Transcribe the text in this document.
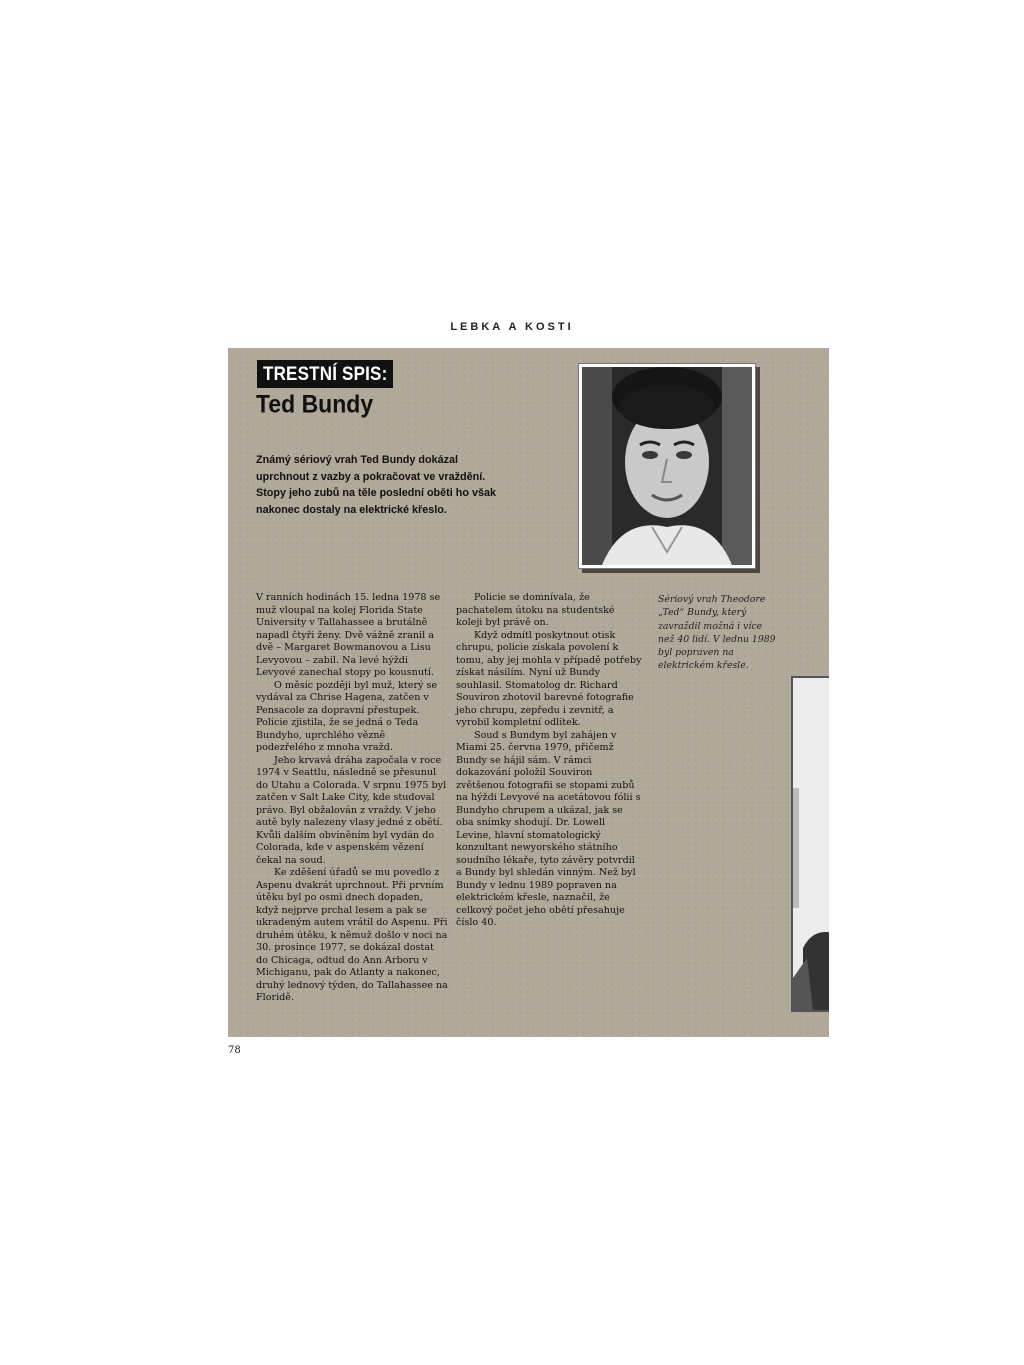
LEBKA A KOSTI
TRESTNÍ SPIS:
Ted Bundy
Známý sériový vrah Ted Bundy dokázal uprchnout z vazby a pokračovat ve vraždění. Stopy jeho zubů na těle poslední oběti ho však nakonec dostaly na elektrické křeslo.
Sériový vrah Theodore „Ted“ Bundy, který zavraždil možná i více než 40 lidí. V lednu 1989 byl popraven na elektrickém křesle.

V ranních hodinách 15. ledna 1978 se muž vloupal na kolej Florida State University v Tallahassee a brutálně napadl čtyři ženy. Dvě vážně zranil a dvě – Margaret Bowmanovou a Lisu Levyovou – zabil. Na levé hýždi Levyové zanechal stopy po kousnutí.

O měsíc později byl muž, který se vydával za Chrise Hagena, zatčen v Pensacole za dopravní přestupek. Policie zjistila, že se jedná o Teda Bundyho, uprchlého vězně podezřelého z mnoha vražd.

Jeho krvavá dráha započala v roce 1974 v Seattlu, následně se přesunul do Utahu a Colorada. V srpnu 1975 byl zatčen v Salt Lake City, kde studoval právo. Byl obžalován z vraždy. V jeho autě byly nalezeny vlasy jedné z obětí. Kvůli dalším obviněním byl vydán do Colorada, kde v aspenském vězení čekal na soud.

Ke zděšení úřadů se mu povedlo z Aspenu dvakrát uprchnout. Při prvním útěku byl po osmi dnech dopaden, když nejprve prchal lesem a pak se ukradeným autem vrátil do Aspenu. Při druhém útěku, k němuž došlo v noci na 30. prosince 1977, se dokázal dostat do Chicaga, odtud do Ann Arboru v Michiganu, pak do Atlanty a nakonec, druhý lednový týden, do Tallahassee na Floridě.

Policie se domnívala, že pachatelem útoku na studentské koleji byl právě on.

Když odmítl poskytnout otisk chrupu, policie získala povolení k tomu, aby jej mohla v případě potřeby získat násilím. Nyní už Bundy souhlasil. Stomatolog dr. Richard Souviron zhotovil barevné fotografie jeho chrupu, zepředu i zevnitř, a vyrobil kompletní odlitek.

Soud s Bundym byl zahájen v Miami 25. června 1979, přičemž Bundy se hájil sám. V rámci dokazování položil Souviron zvětšenou fotografii se stopami zubů na hýždi Levyové na acetátovou fólii s Bundyho chrupem a ukázal, jak se oba snímky shodují. Dr. Lowell Levine, hlavní stomatologický konzultant newyorského státního soudního lékaře, tyto závěry potvrdil a Bundy byl shledán vinným. Než byl Bundy v lednu 1989 popraven na elektrickém křesle, naznačil, že celkový počet jeho obětí přesahuje číslo 40.

78
